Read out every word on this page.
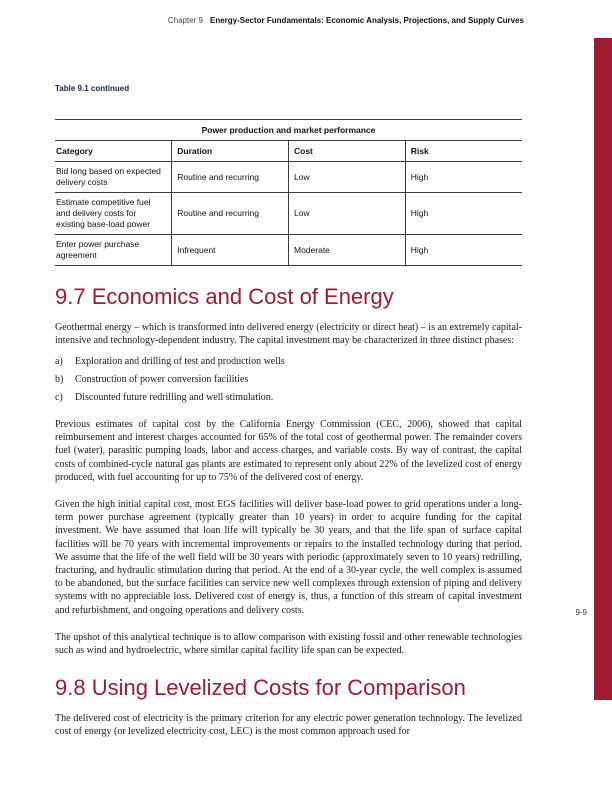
Chapter 9 Energy-Sector Fundamentals: Economic Analysis, Projections, and Supply Curves
Table 9.1 continued
Power production and market performance			
Category	Duration	Cost	Risk
Bid long based on expected delivery costs	Routine and recurring	Low	High
Estimate competitive fuel and delivery costs for existing base-load power	Routine and recurring	Low	High
Enter power purchase agreement	Infrequent	Moderate	High
9.7 Economics and Cost of Energy

Geothermal energy – which is transformed into delivered energy (electricity or direct heat) – is an extremely capital-intensive and technology-dependent industry. The capital investment may be characterized in three distinct phases:

a)	Exploration and drilling of test and production wells
b)	Construction of power conversion facilities
c)	Discounted future redrilling and well stimulation.

Previous estimates of capital cost by the California Energy Commission (CEC, 2006), showed that capital reimbursement and interest charges accounted for 65% of the total cost of geothermal power. The remainder covers fuel (water), parasitic pumping loads, labor and access charges, and variable costs. By way of contrast, the capital costs of combined-cycle natural gas plants are estimated to represent only about 22% of the levelized cost of energy produced, with fuel accounting for up to 75% of the delivered cost of energy.

Given the high initial capital cost, most EGS facilities will deliver base-load power to grid operations under a long-term power purchase agreement (typically greater than 10 years) in order to acquire funding for the capital investment. We have assumed that loan life will typically be 30 years, and that the life span of surface capital facilities will be 70 years with incremental improvements or repairs to the installed technology during that period. We assume that the life of the well field will be 30 years with periodic (approximately seven to 10 years) redrilling, fracturing, and hydraulic stimulation during that period. At the end of a 30-year cycle, the well complex is assumed to be abandoned, but the surface facilities can service new well complexes through extension of piping and delivery systems with no appreciable loss. Delivered cost of energy is, thus, a function of this stream of capital investment and refurbishment, and ongoing operations and delivery costs.

The upshot of this analytical technique is to allow comparison with existing fossil and other renewable technologies such as wind and hydroelectric, where similar capital facility life span can be expected.

9.8 Using Levelized Costs for Comparison

The delivered cost of electricity is the primary criterion for any electric power generation technology. The levelized cost of energy (or levelized electricity cost, LEC) is the most common approach used for

9-9
